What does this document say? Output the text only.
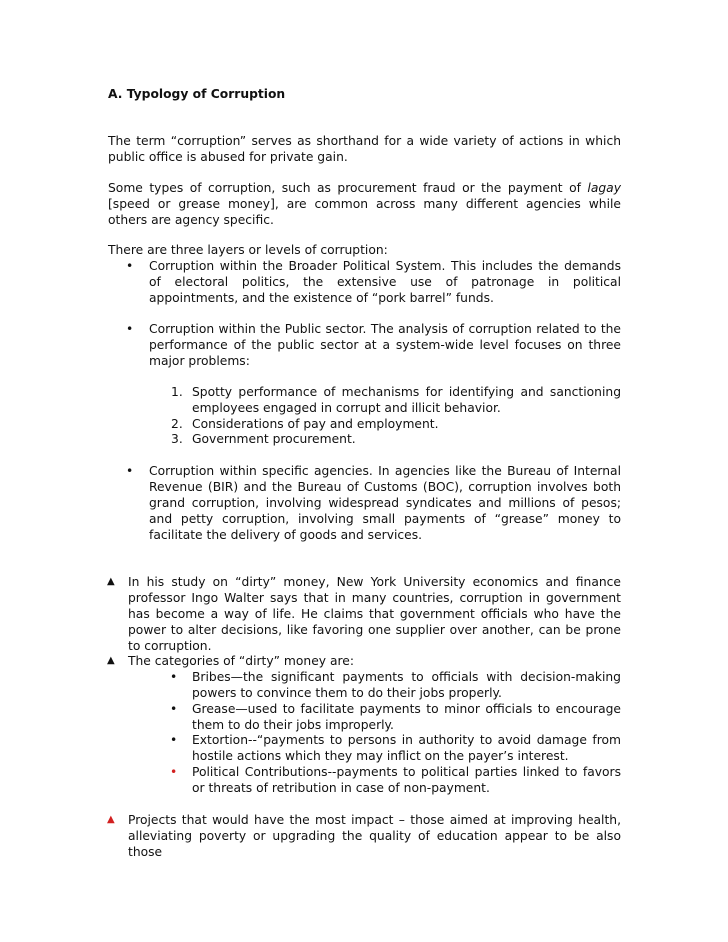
A. Typology of Corruption

The term “corruption” serves as shorthand for a wide variety of actions in which public office is abused for private gain.

Some types of corruption, such as procurement fraud or the payment of lagay [speed or grease money], are common across many different agencies while others are agency specific.

There are three layers or levels of corruption:

• Corruption within the Broader Political System. This includes the demands of electoral politics, the extensive use of patronage in political appointments, and the existence of “pork barrel” funds.

• Corruption within the Public sector. The analysis of corruption related to the performance of the public sector at a system-wide level focuses on three major problems:

1. Spotty performance of mechanisms for identifying and sanctioning employees engaged in corrupt and illicit behavior.

2. Considerations of pay and employment.

3. Government procurement.

• Corruption within specific agencies. In agencies like the Bureau of Internal Revenue (BIR) and the Bureau of Customs (BOC), corruption involves both grand corruption, involving widespread syndicates and millions of pesos; and petty corruption, involving small payments of “grease” money to facilitate the delivery of goods and services.

▲ In his study on “dirty” money, New York University economics and finance professor Ingo Walter says that in many countries, corruption in government has become a way of life. He claims that government officials who have the power to alter decisions, like favoring one supplier over another, can be prone to corruption.

▲ The categories of “dirty” money are:

• Bribes—the significant payments to officials with decision-making powers to convince them to do their jobs properly.

• Grease—used to facilitate payments to minor officials to encourage them to do their jobs improperly.

• Extortion--“payments to persons in authority to avoid damage from hostile actions which they may inflict on the payer’s interest.

• Political Contributions--payments to political parties linked to favors or threats of retribution in case of non-payment.

▲ Projects that would have the most impact – those aimed at improving health, alleviating poverty or upgrading the quality of education appear to be also those
